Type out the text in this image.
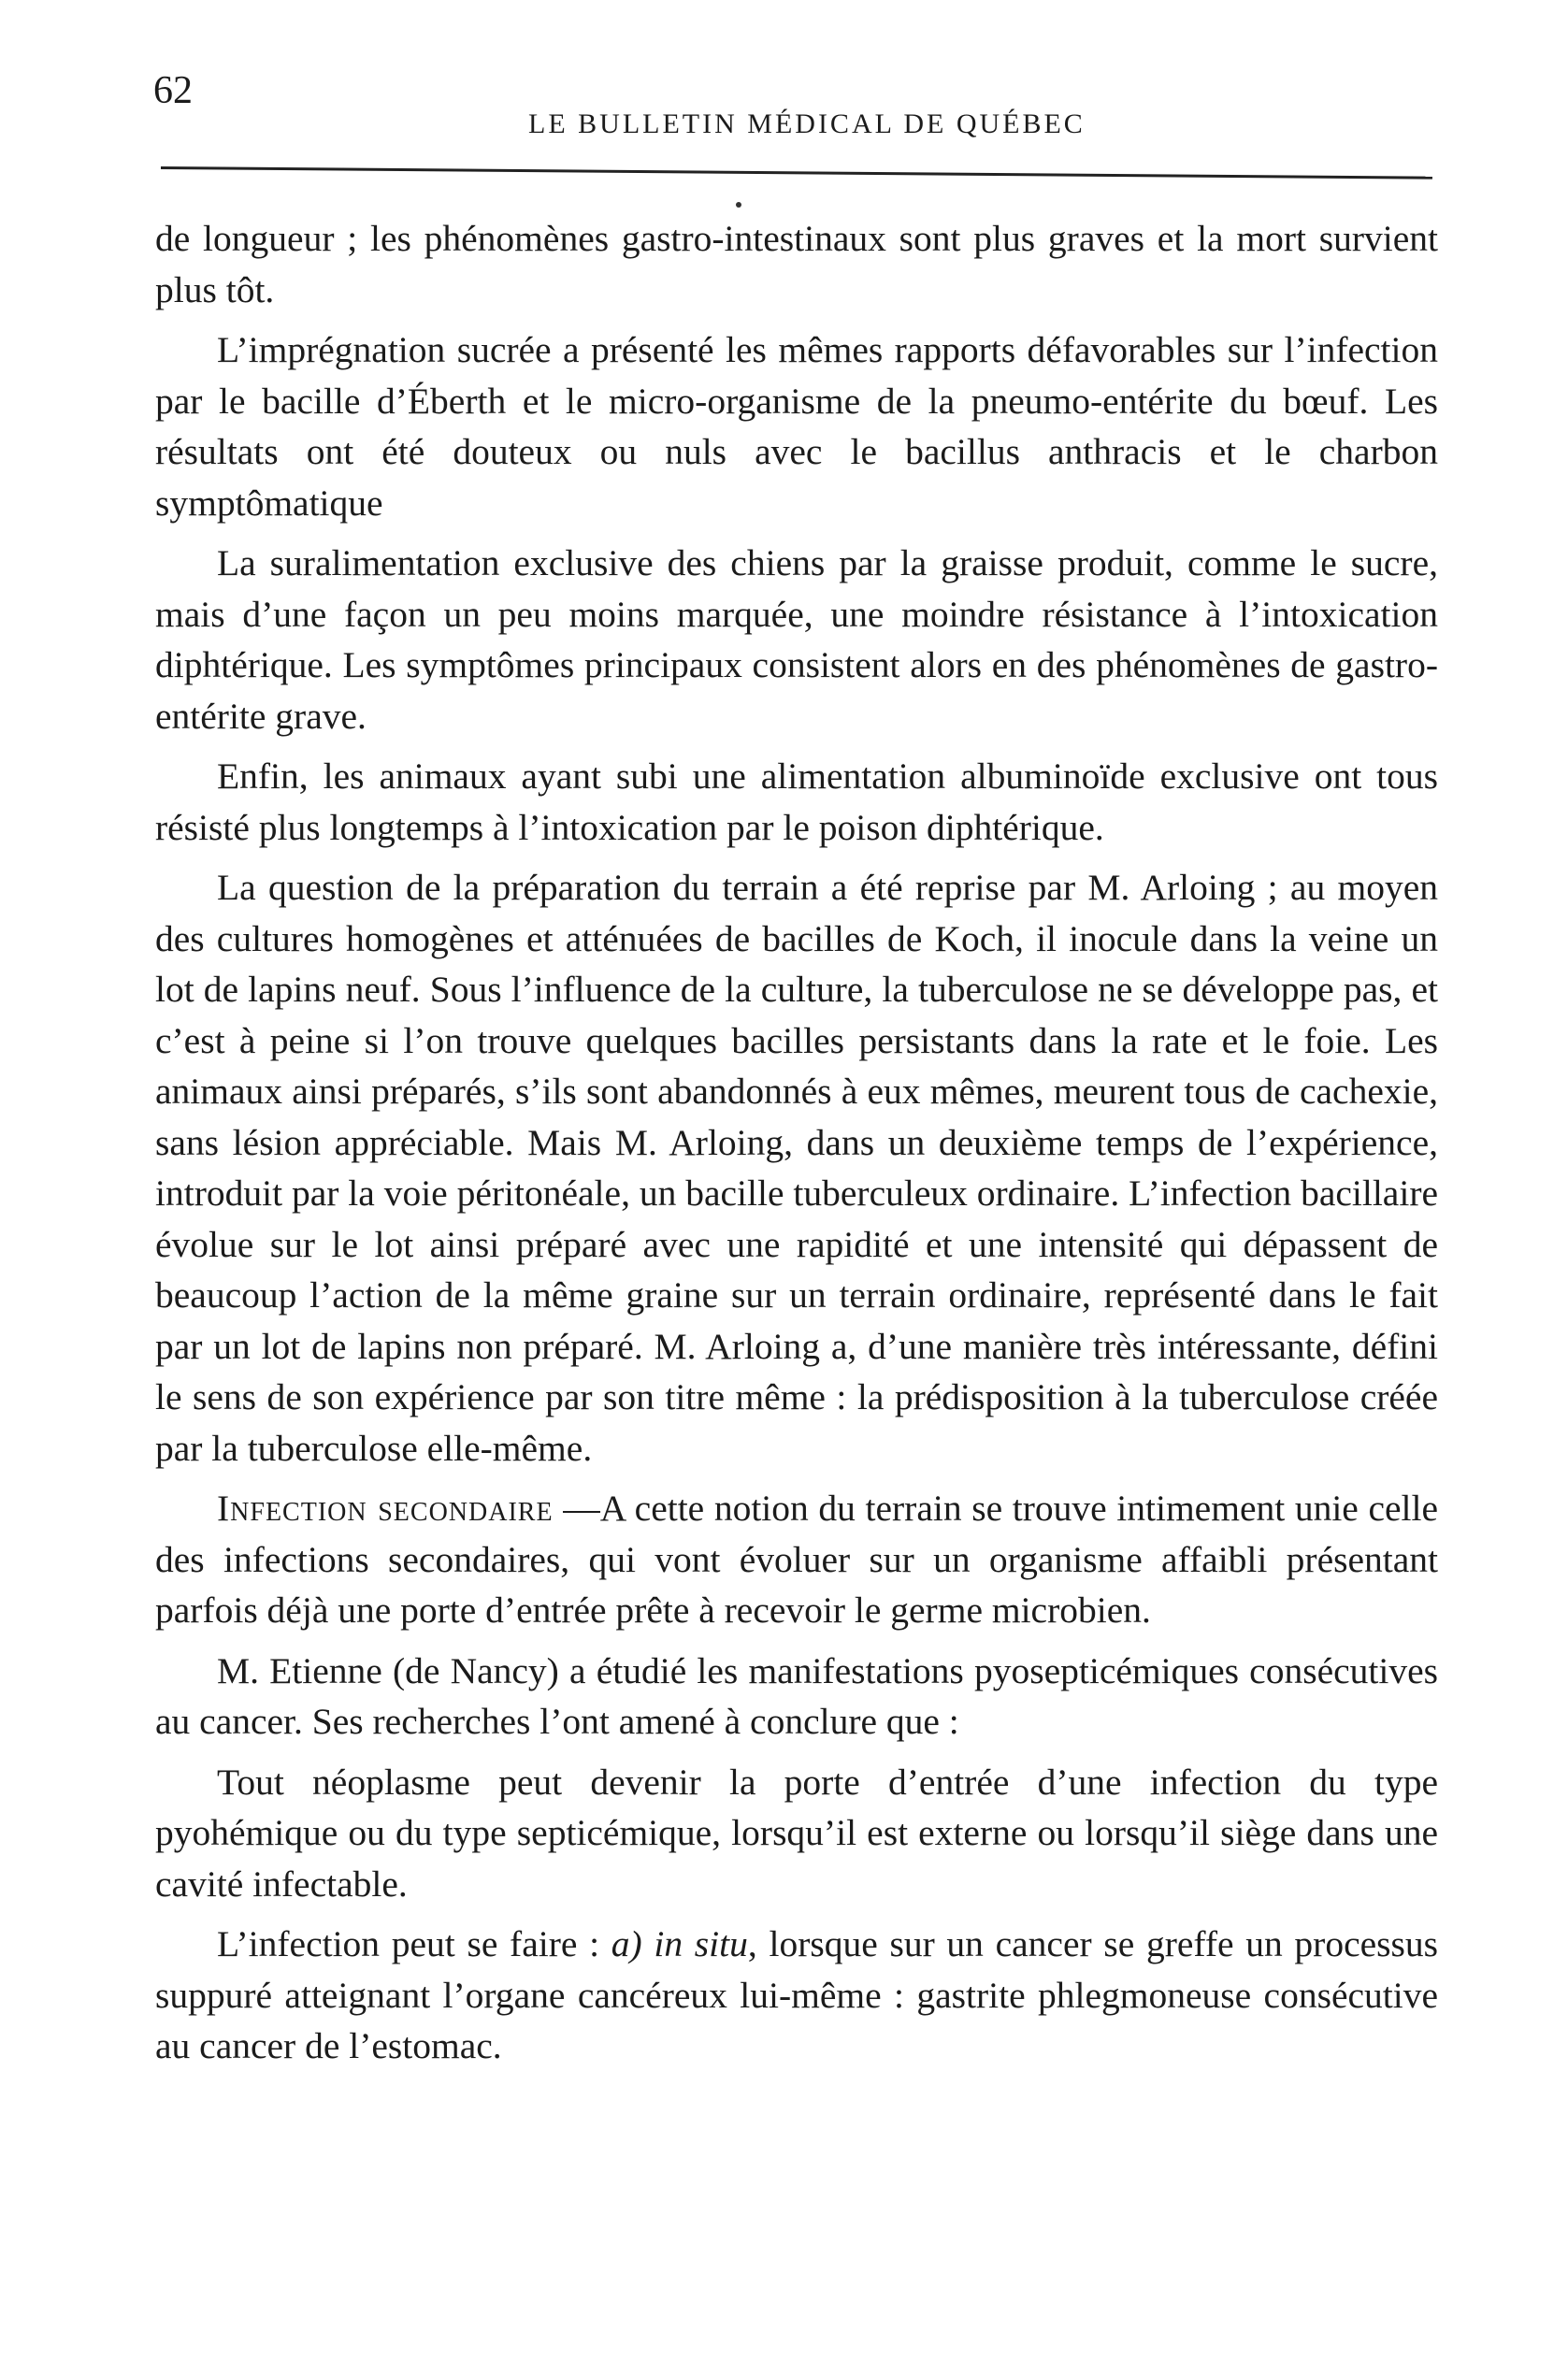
62
LE BULLETIN MÉDICAL DE QUÉBEC

de longueur ; les phénomènes gastro-intestinaux sont plus graves et la mort survient plus tôt.

L’imprégnation sucrée a présenté les mêmes rapports défavorables sur l’infection par le bacille d’Éberth et le micro-organisme de la pneumo-entérite du bœuf. Les résultats ont été douteux ou nuls avec le bacillus anthracis et le charbon symptômatique

La suralimentation exclusive des chiens par la graisse produit, comme le sucre, mais d’une façon un peu moins marquée, une moindre résistance à l’intoxication diphtérique. Les symptômes principaux consistent alors en des phénomènes de gastro-entérite grave.

Enfin, les animaux ayant subi une alimentation albuminoïde exclusive ont tous résisté plus longtemps à l’intoxication par le poison diphtérique.

La question de la préparation du terrain a été reprise par M. Arloing ; au moyen des cultures homogènes et atténuées de bacilles de Koch, il inocule dans la veine un lot de lapins neuf. Sous l’influence de la culture, la tuberculose ne se développe pas, et c’est à peine si l’on trouve quelques bacilles persistants dans la rate et le foie. Les animaux ainsi préparés, s’ils sont abandonnés à eux mêmes, meurent tous de cachexie, sans lésion appréciable. Mais M. Arloing, dans un deuxième temps de l’expérience, introduit par la voie péritonéale, un bacille tuberculeux ordinaire. L’infection bacillaire évolue sur le lot ainsi préparé avec une rapidité et une intensité qui dépassent de beaucoup l’action de la même graine sur un terrain ordinaire, représenté dans le fait par un lot de lapins non préparé. M. Arloing a, d’une manière très intéressante, défini le sens de son expérience par son titre même : la prédisposition à la tuberculose créée par la tuberculose elle-même.

Infection secondaire —A cette notion du terrain se trouve intimement unie celle des infections secondaires, qui vont évoluer sur un organisme affaibli présentant parfois déjà une porte d’entrée prête à recevoir le germe microbien.

M. Etienne (de Nancy) a étudié les manifestations pyosepticémiques consécutives au cancer. Ses recherches l’ont amené à conclure que :

Tout néoplasme peut devenir la porte d’entrée d’une infection du type pyohémique ou du type septicémique, lorsqu’il est externe ou lorsqu’il siège dans une cavité infectable.

L’infection peut se faire : a) in situ, lorsque sur un cancer se greffe un processus suppuré atteignant l’organe cancéreux lui-même : gastrite phlegmoneuse consécutive au cancer de l’estomac.
